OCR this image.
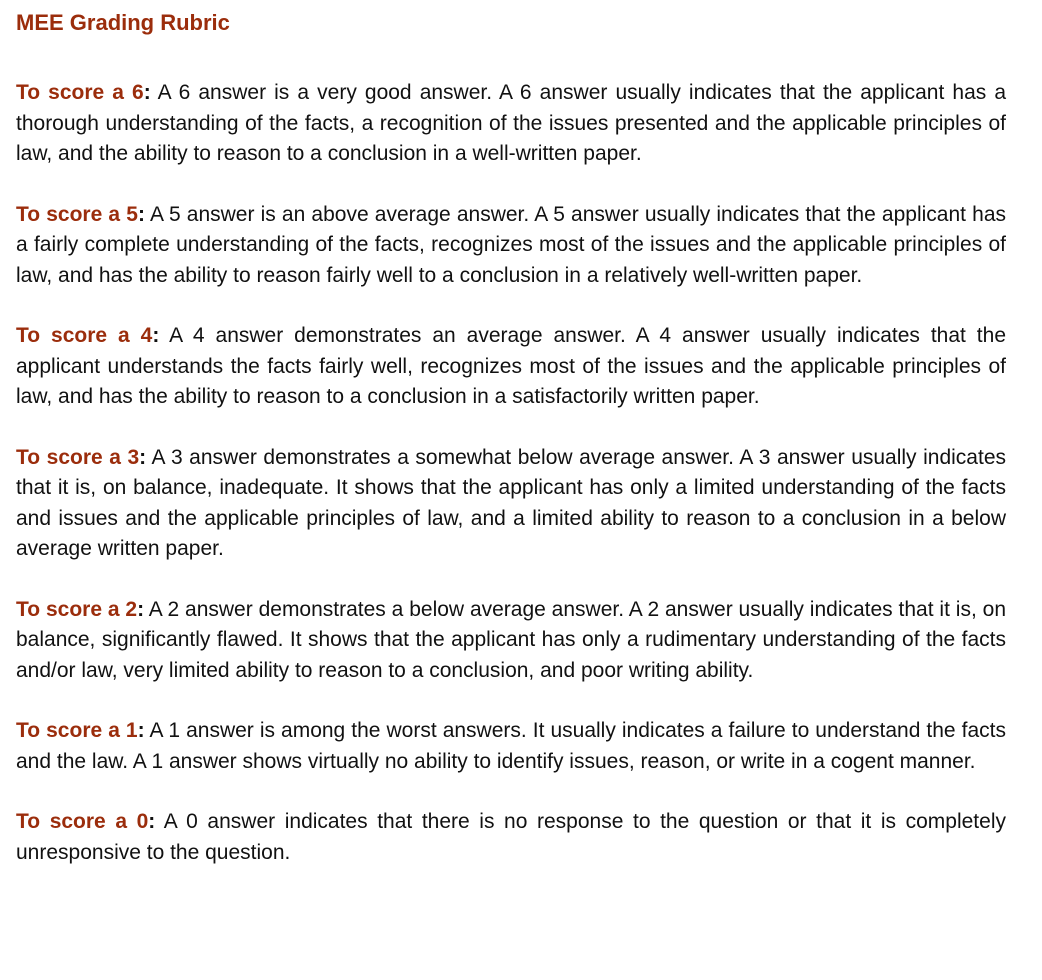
MEE Grading Rubric

To score a 6: A 6 answer is a very good answer. A 6 answer usually indicates that the applicant has a thorough understanding of the facts, a recognition of the issues presented and the applicable principles of law, and the ability to reason to a conclusion in a well-written paper.

To score a 5: A 5 answer is an above average answer. A 5 answer usually indicates that the applicant has a fairly complete understanding of the facts, recognizes most of the issues and the applicable principles of law, and has the ability to reason fairly well to a conclusion in a relatively well-written paper.

To score a 4: A 4 answer demonstrates an average answer. A 4 answer usually indicates that the applicant understands the facts fairly well, recognizes most of the issues and the applicable principles of law, and has the ability to reason to a conclusion in a satisfactorily written paper.

To score a 3: A 3 answer demonstrates a somewhat below average answer. A 3 answer usually indicates that it is, on balance, inadequate. It shows that the applicant has only a limited understanding of the facts and issues and the applicable principles of law, and a limited ability to reason to a conclusion in a below average written paper.

To score a 2: A 2 answer demonstrates a below average answer. A 2 answer usually indicates that it is, on balance, significantly flawed. It shows that the applicant has only a rudimentary understanding of the facts and/or law, very limited ability to reason to a conclusion, and poor writing ability.

To score a 1: A 1 answer is among the worst answers. It usually indicates a failure to understand the facts and the law. A 1 answer shows virtually no ability to identify issues, reason, or write in a cogent manner.

To score a 0: A 0 answer indicates that there is no response to the question or that it is completely unresponsive to the question.
